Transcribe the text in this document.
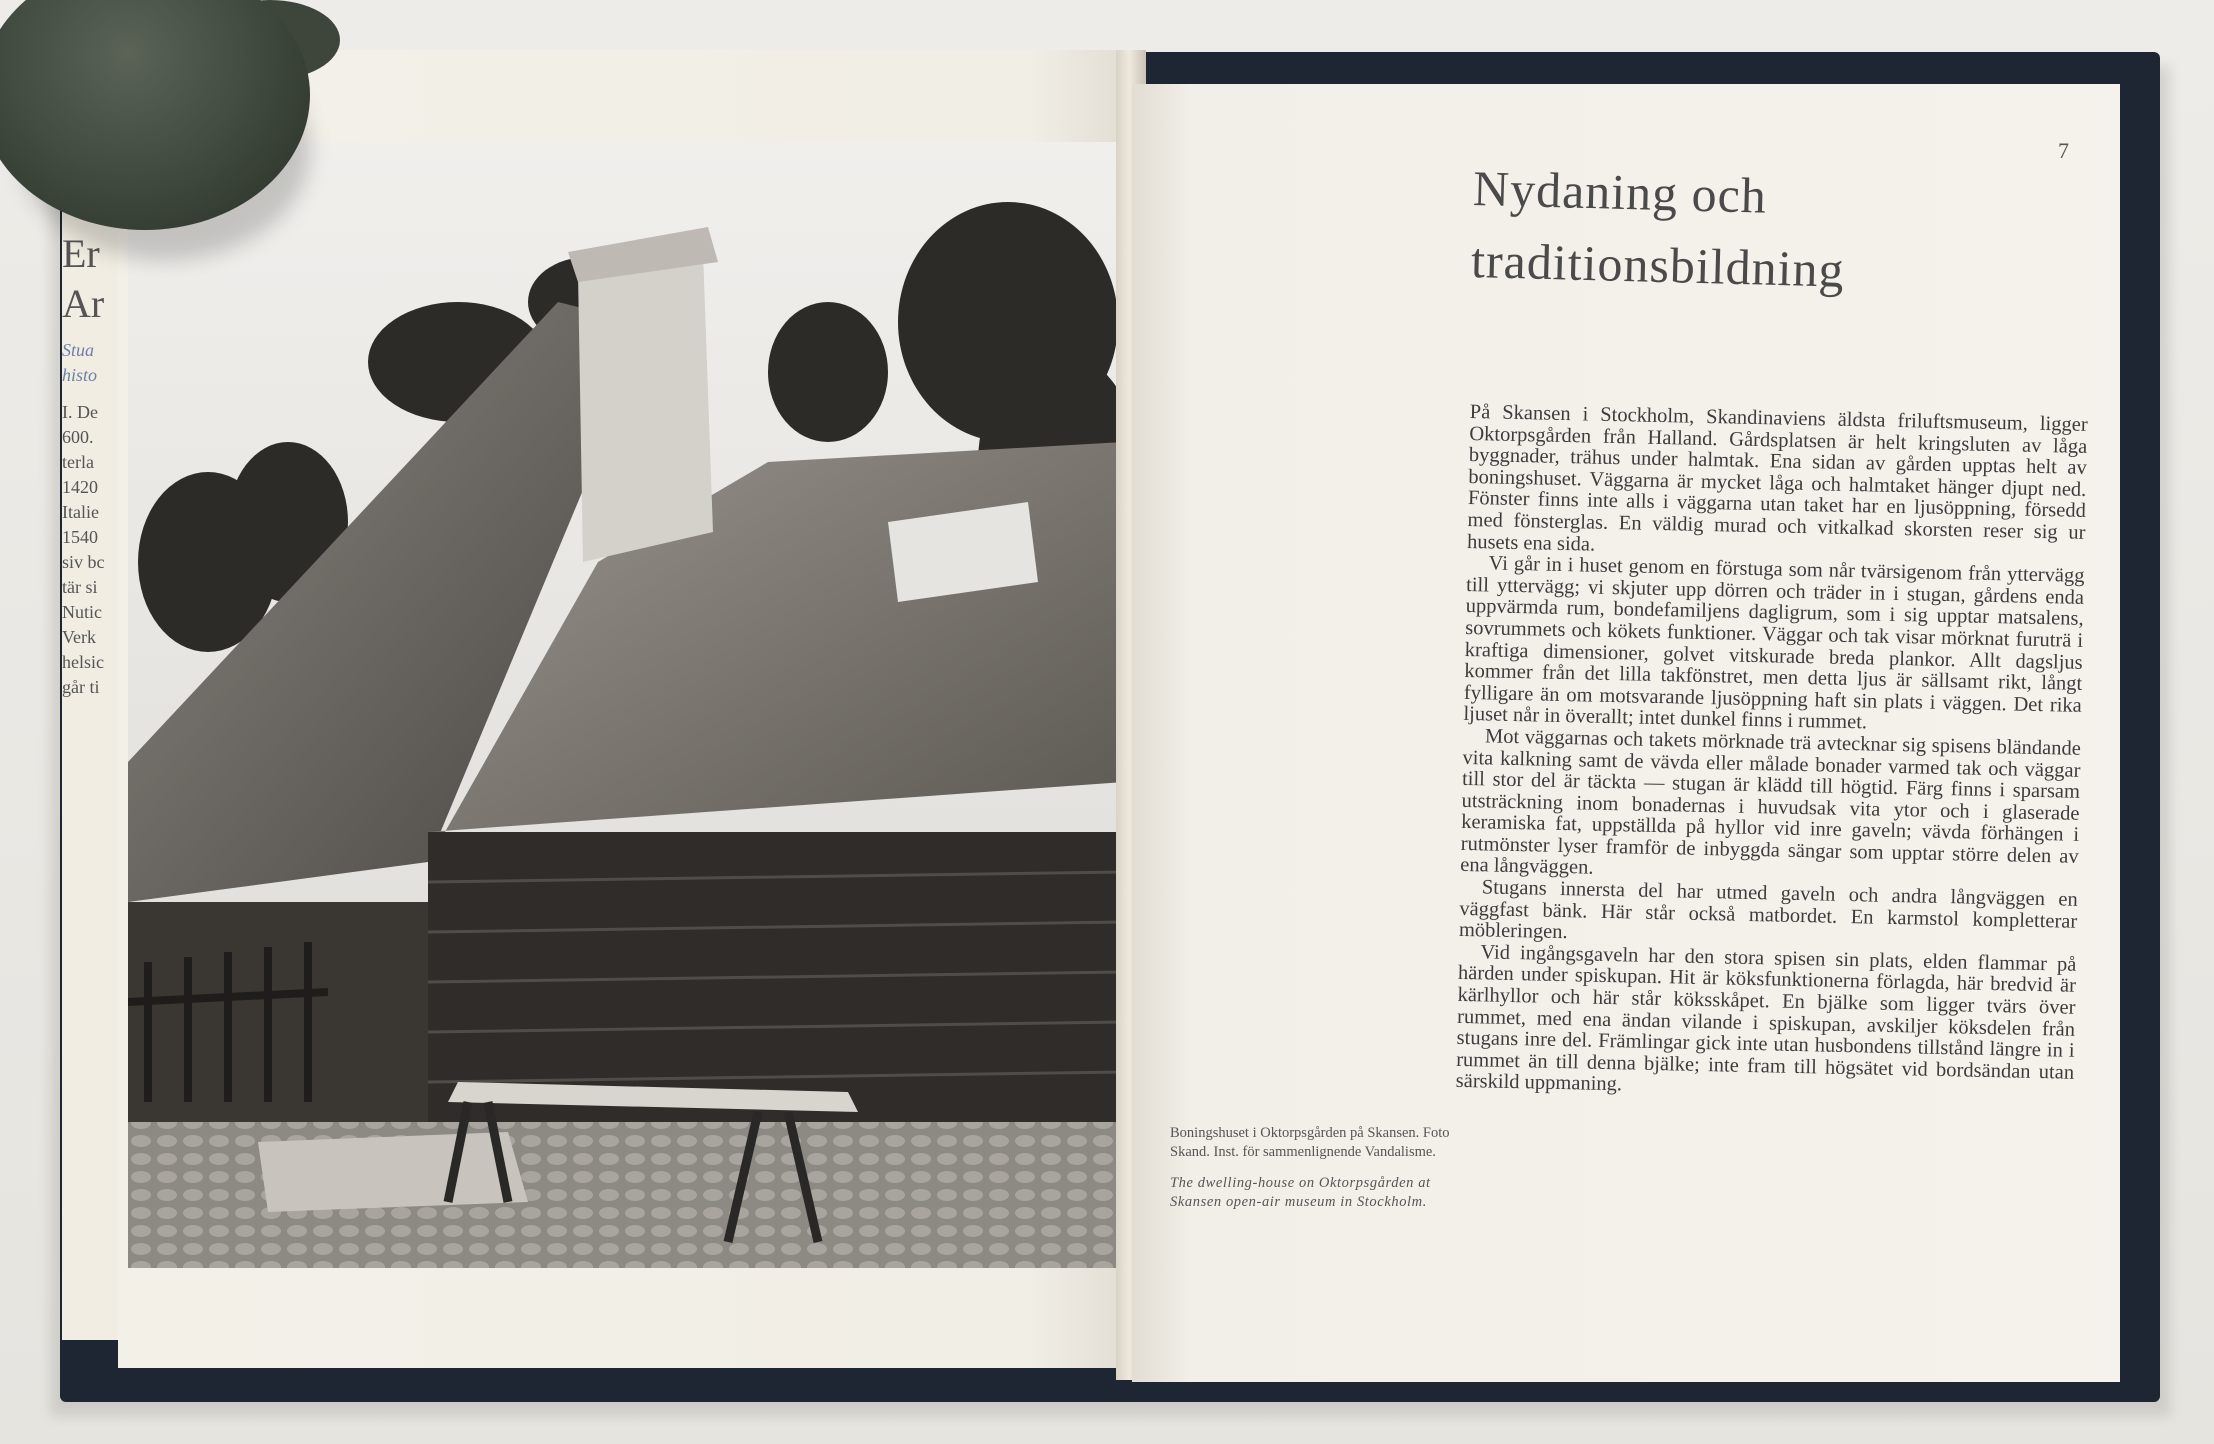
Er
Ar
Stua
histo
I. De
600.
terla
1420
Italie
1540
siv bc
tär si
Nutic
Verk
helsic
går ti
7
Nydaning och
traditionsbildning

På Skansen i Stockholm, Skandinaviens äldsta friluftsmuseum, ligger Oktorpsgården från Halland. Gårdsplatsen är helt kringsluten av låga byggnader, trähus under halmtak. Ena sidan av gården upptas helt av boningshuset. Väggarna är mycket låga och halmtaket hänger djupt ned. Fönster finns inte alls i väggarna utan taket har en ljusöppning, försedd med fönsterglas. En väldig murad och vitkalkad skorsten reser sig ur husets ena sida.

Vi går in i huset genom en förstuga som når tvärsigenom från yttervägg till yttervägg; vi skjuter upp dörren och träder in i stugan, gårdens enda uppvärmda rum, bondefamiljens dagligrum, som i sig upptar matsalens, sovrummets och kökets funktioner. Väggar och tak visar mörknat furuträ i kraftiga dimensioner, golvet vitskurade breda plankor. Allt dagsljus kommer från det lilla takfönstret, men detta ljus är sällsamt rikt, långt fylligare än om motsvarande ljusöppning haft sin plats i väggen. Det rika ljuset når in överallt; intet dunkel finns i rummet.

Mot väggarnas och takets mörknade trä avtecknar sig spisens bländande vita kalkning samt de vävda eller målade bonader varmed tak och väggar till stor del är täckta — stugan är klädd till högtid. Färg finns i sparsam utsträckning inom bonadernas i huvudsak vita ytor och i glaserade keramiska fat, uppställda på hyllor vid inre gaveln; vävda förhängen i rutmönster lyser framför de inbyggda sängar som upptar större delen av ena långväggen.

Stugans innersta del har utmed gaveln och andra långväggen en väggfast bänk. Här står också matbordet. En karmstol kompletterar möbleringen.

Vid ingångsgaveln har den stora spisen sin plats, elden flammar på härden under spiskupan. Hit är köksfunktionerna förlagda, här bredvid är kärlhyllor och här står köksskåpet. En bjälke som ligger tvärs över rummet, med ena ändan vilande i spiskupan, avskiljer köksdelen från stugans inre del. Främlingar gick inte utan husbondens tillstånd längre in i rummet än till denna bjälke; inte fram till högsätet vid bordsändan utan särskild uppmaning.

Boningshuset i Oktorpsgården på Skansen. Foto Skand. Inst. för sammenlignende Vandalisme.

The dwelling-house on Oktorpsgården at Skansen open-air museum in Stockholm.
